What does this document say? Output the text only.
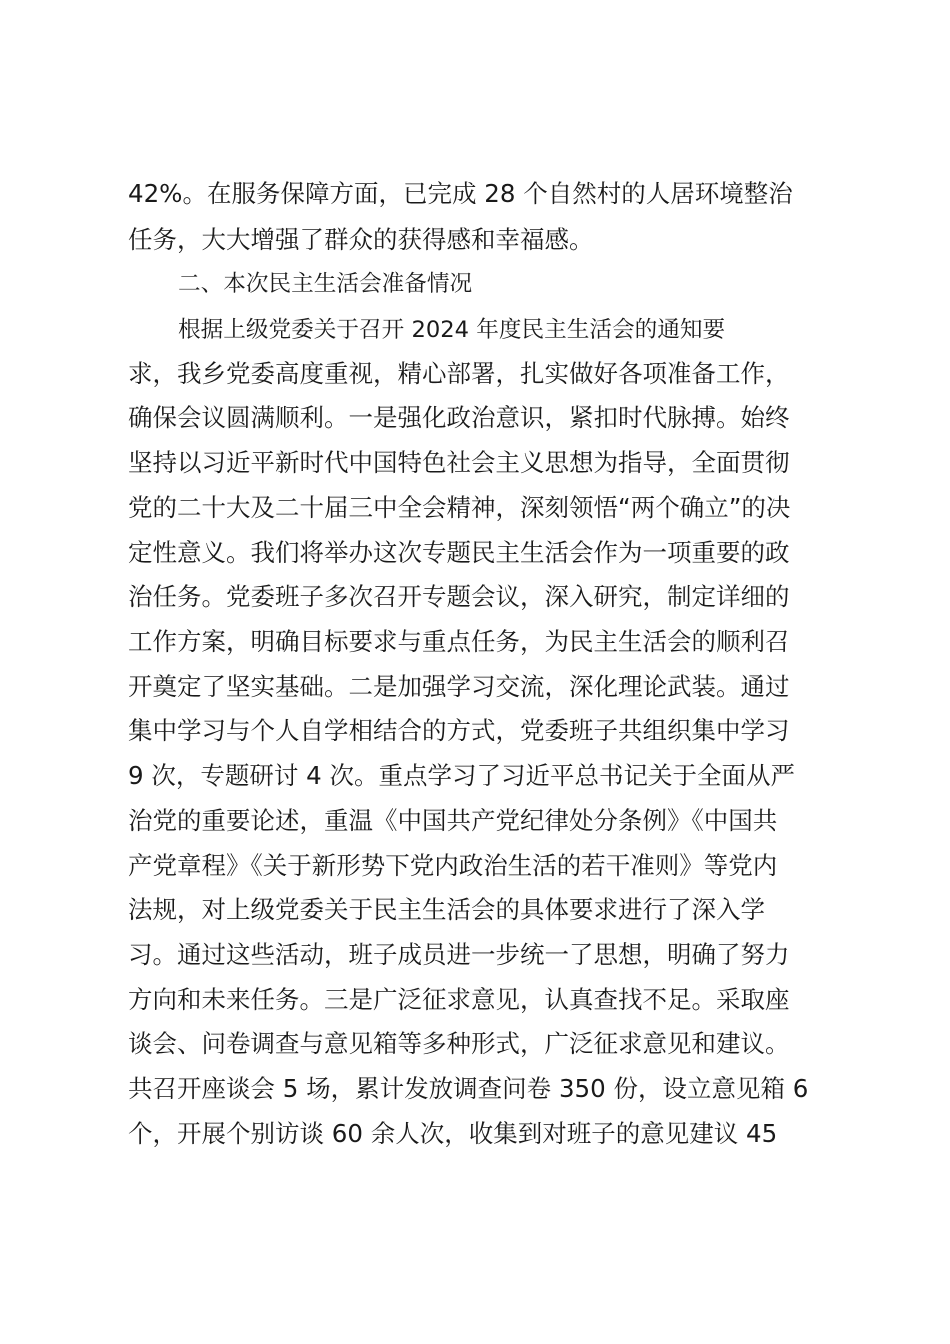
42%。在服务保障方面，已完成 28 个自然村的人居环境整治
任务，大大增强了群众的获得感和幸福感。
二、本次民主生活会准备情况
根据上级党委关于召开 2024 年度民主生活会的通知要
求，我乡党委高度重视，精心部署，扎实做好各项准备工作，
确保会议圆满顺利。一是强化政治意识，紧扣时代脉搏。始终
坚持以习近平新时代中国特色社会主义思想为指导，全面贯彻
党的二十大及二十届三中全会精神，深刻领悟“两个确立”的决
定性意义。我们将举办这次专题民主生活会作为一项重要的政
治任务。党委班子多次召开专题会议，深入研究，制定详细的
工作方案，明确目标要求与重点任务，为民主生活会的顺利召
开奠定了坚实基础。二是加强学习交流，深化理论武装。通过
集中学习与个人自学相结合的方式，党委班子共组织集中学习
9 次，专题研讨 4 次。重点学习了习近平总书记关于全面从严
治党的重要论述，重温《中国共产党纪律处分条例》《中国共
产党章程》《关于新形势下党内政治生活的若干准则》等党内
法规，对上级党委关于民主生活会的具体要求进行了深入学
习。通过这些活动，班子成员进一步统一了思想，明确了努力
方向和未来任务。三是广泛征求意见，认真查找不足。采取座
谈会、问卷调查与意见箱等多种形式，广泛征求意见和建议。
共召开座谈会 5 场，累计发放调查问卷 350 份，设立意见箱 6
个，开展个别访谈 60 余人次，收集到对班子的意见建议 45
